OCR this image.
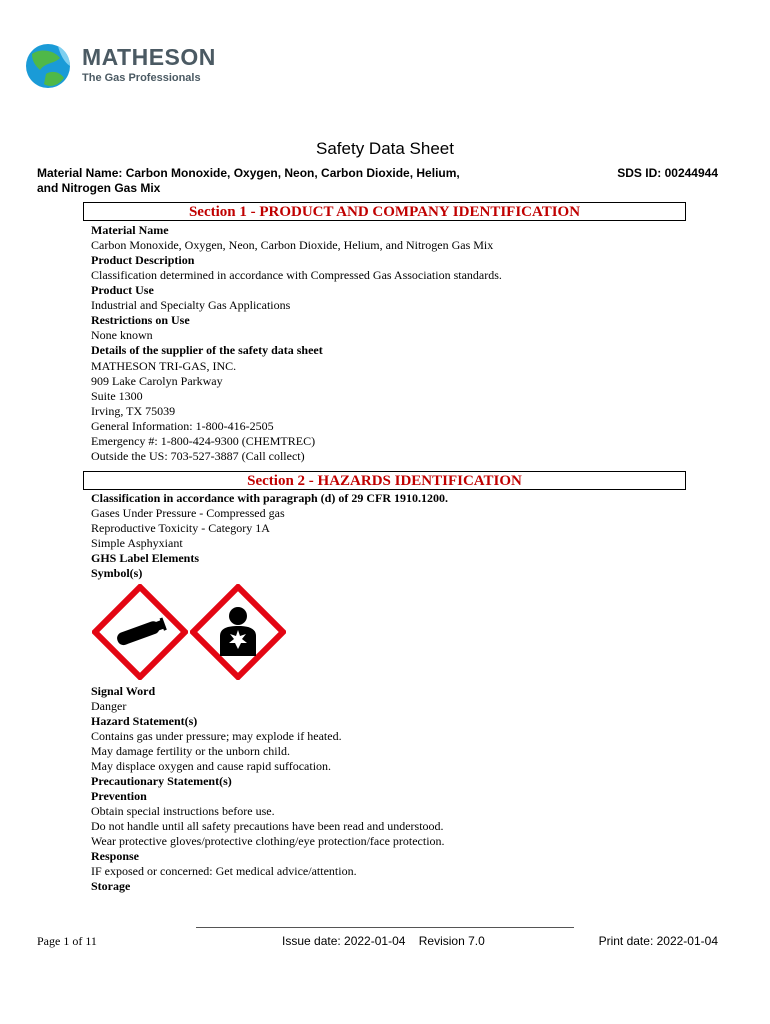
MATHESON
The Gas Professionals
Safety Data Sheet
Material Name: Carbon Monoxide, Oxygen, Neon, Carbon Dioxide, Helium,
and Nitrogen Gas Mix
SDS ID: 00244944
Section 1 - PRODUCT AND COMPANY IDENTIFICATION
Material Name
Carbon Monoxide, Oxygen, Neon, Carbon Dioxide, Helium, and Nitrogen Gas Mix
Product Description
Classification determined in accordance with Compressed Gas Association standards.
Product Use
Industrial and Specialty Gas Applications
Restrictions on Use
None known
Details of the supplier of the safety data sheet
MATHESON TRI-GAS, INC.
909 Lake Carolyn Parkway
Suite 1300
Irving, TX 75039
General Information: 1-800-416-2505
Emergency #: 1-800-424-9300 (CHEMTREC)
Outside the US: 703-527-3887 (Call collect)
Section 2 - HAZARDS IDENTIFICATION
Classification in accordance with paragraph (d) of 29 CFR 1910.1200.
Gases Under Pressure - Compressed gas
Reproductive Toxicity - Category 1A
Simple Asphyxiant
GHS Label Elements
Symbol(s)
Signal Word
Danger
Hazard Statement(s)
Contains gas under pressure; may explode if heated.
May damage fertility or the unborn child.
May displace oxygen and cause rapid suffocation.
Precautionary Statement(s)
Prevention
Obtain special instructions before use.
Do not handle until all safety precautions have been read and understood.
Wear protective gloves/protective clothing/eye protection/face protection.
Response
IF exposed or concerned: Get medical advice/attention.
Storage
Page 1 of 11	Issue date: 2022-01-04    Revision 7.0	Print date: 2022-01-04
